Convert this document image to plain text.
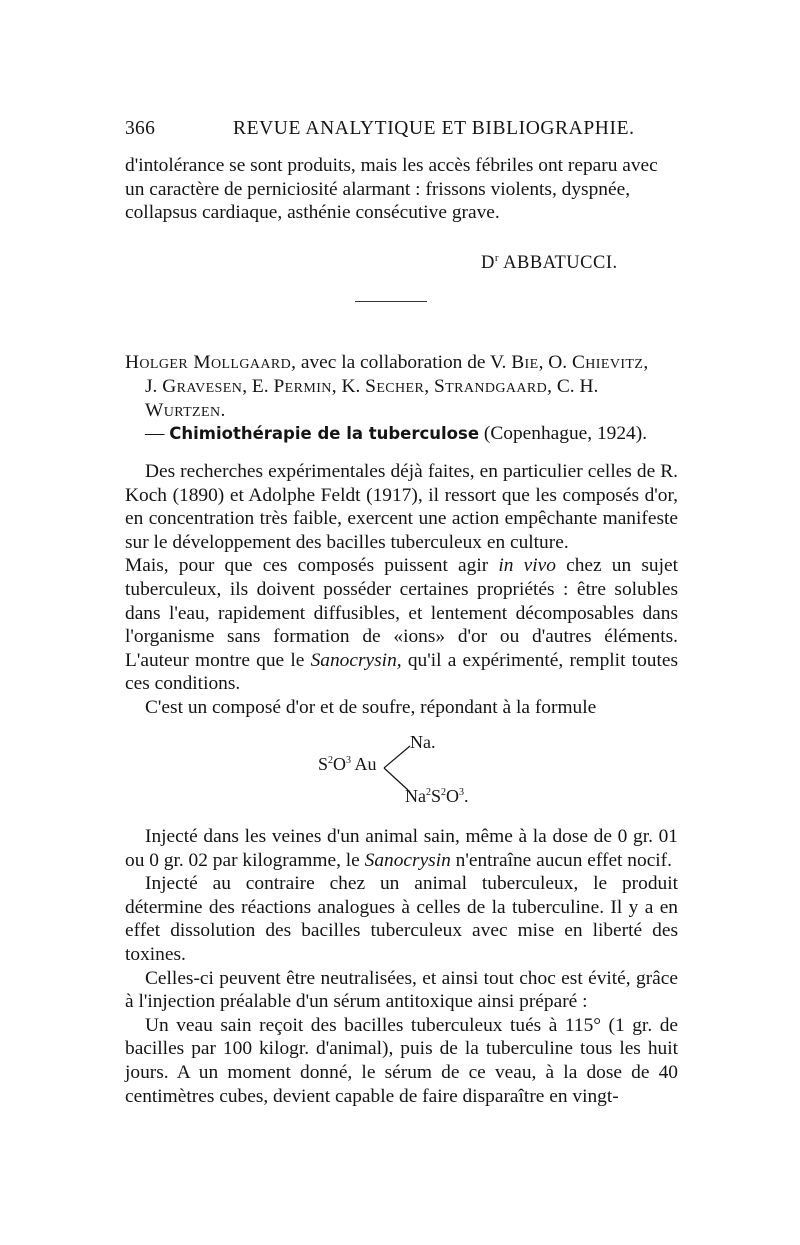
366	REVUE ANALYTIQUE ET BIBLIOGRAPHIE.

d'intolérance se sont produits, mais les accès fébriles ont reparu avec

un caractère de perniciosité alarmant : frissons violents, dyspnée,

collapsus cardiaque, asthénie consécutive grave.

$D^r$ ABBATUCCI.
Holger Mollgaard, avec la collaboration de V. Bie, O. Chievitz,
J. Gravesen, E. Permin, K. Secher, Strandgaard, C. H. Wurtzen.
— Chimiothérapie de la tuberculose (Copenhague, 1924).

Des recherches expérimentales déjà faites, en particulier celles de R. Koch (1890) et Adolphe Feldt (1917), il ressort que les composés d'or, en concentration très faible, exercent une action empêchante manifeste sur le développement des bacilles tuberculeux en culture.

Mais, pour que ces composés puissent agir in vivo chez un sujet tuberculeux, ils doivent posséder certaines propriétés : être solubles dans l'eau, rapidement diffusibles, et lentement décomposables dans l'organisme sans formation de «ions» d'or ou d'autres éléments. L'auteur montre que le Sanocrysin, qu'il a expérimenté, remplit toutes ces conditions.

C'est un composé d'or et de soufre, répondant à la formule

$S^2O^3$ Au
Na.
$Na^2S^2O^3$.

Injecté dans les veines d'un animal sain, même à la dose de 0 gr. 01 ou 0 gr. 02 par kilogramme, le Sanocrysin n'entraîne aucun effet nocif.

Injecté au contraire chez un animal tuberculeux, le produit détermine des réactions analogues à celles de la tuberculine. Il y a en effet dissolution des bacilles tuberculeux avec mise en liberté des toxines.

Celles-ci peuvent être neutralisées, et ainsi tout choc est évité, grâce à l'injection préalable d'un sérum antitoxique ainsi préparé :

Un veau sain reçoit des bacilles tuberculeux tués à 115° (1 gr. de bacilles par 100 kilogr. d'animal), puis de la tuberculine tous les huit jours. A un moment donné, le sérum de ce veau, à la dose de 40 centimètres cubes, devient capable de faire disparaître en vingt-
